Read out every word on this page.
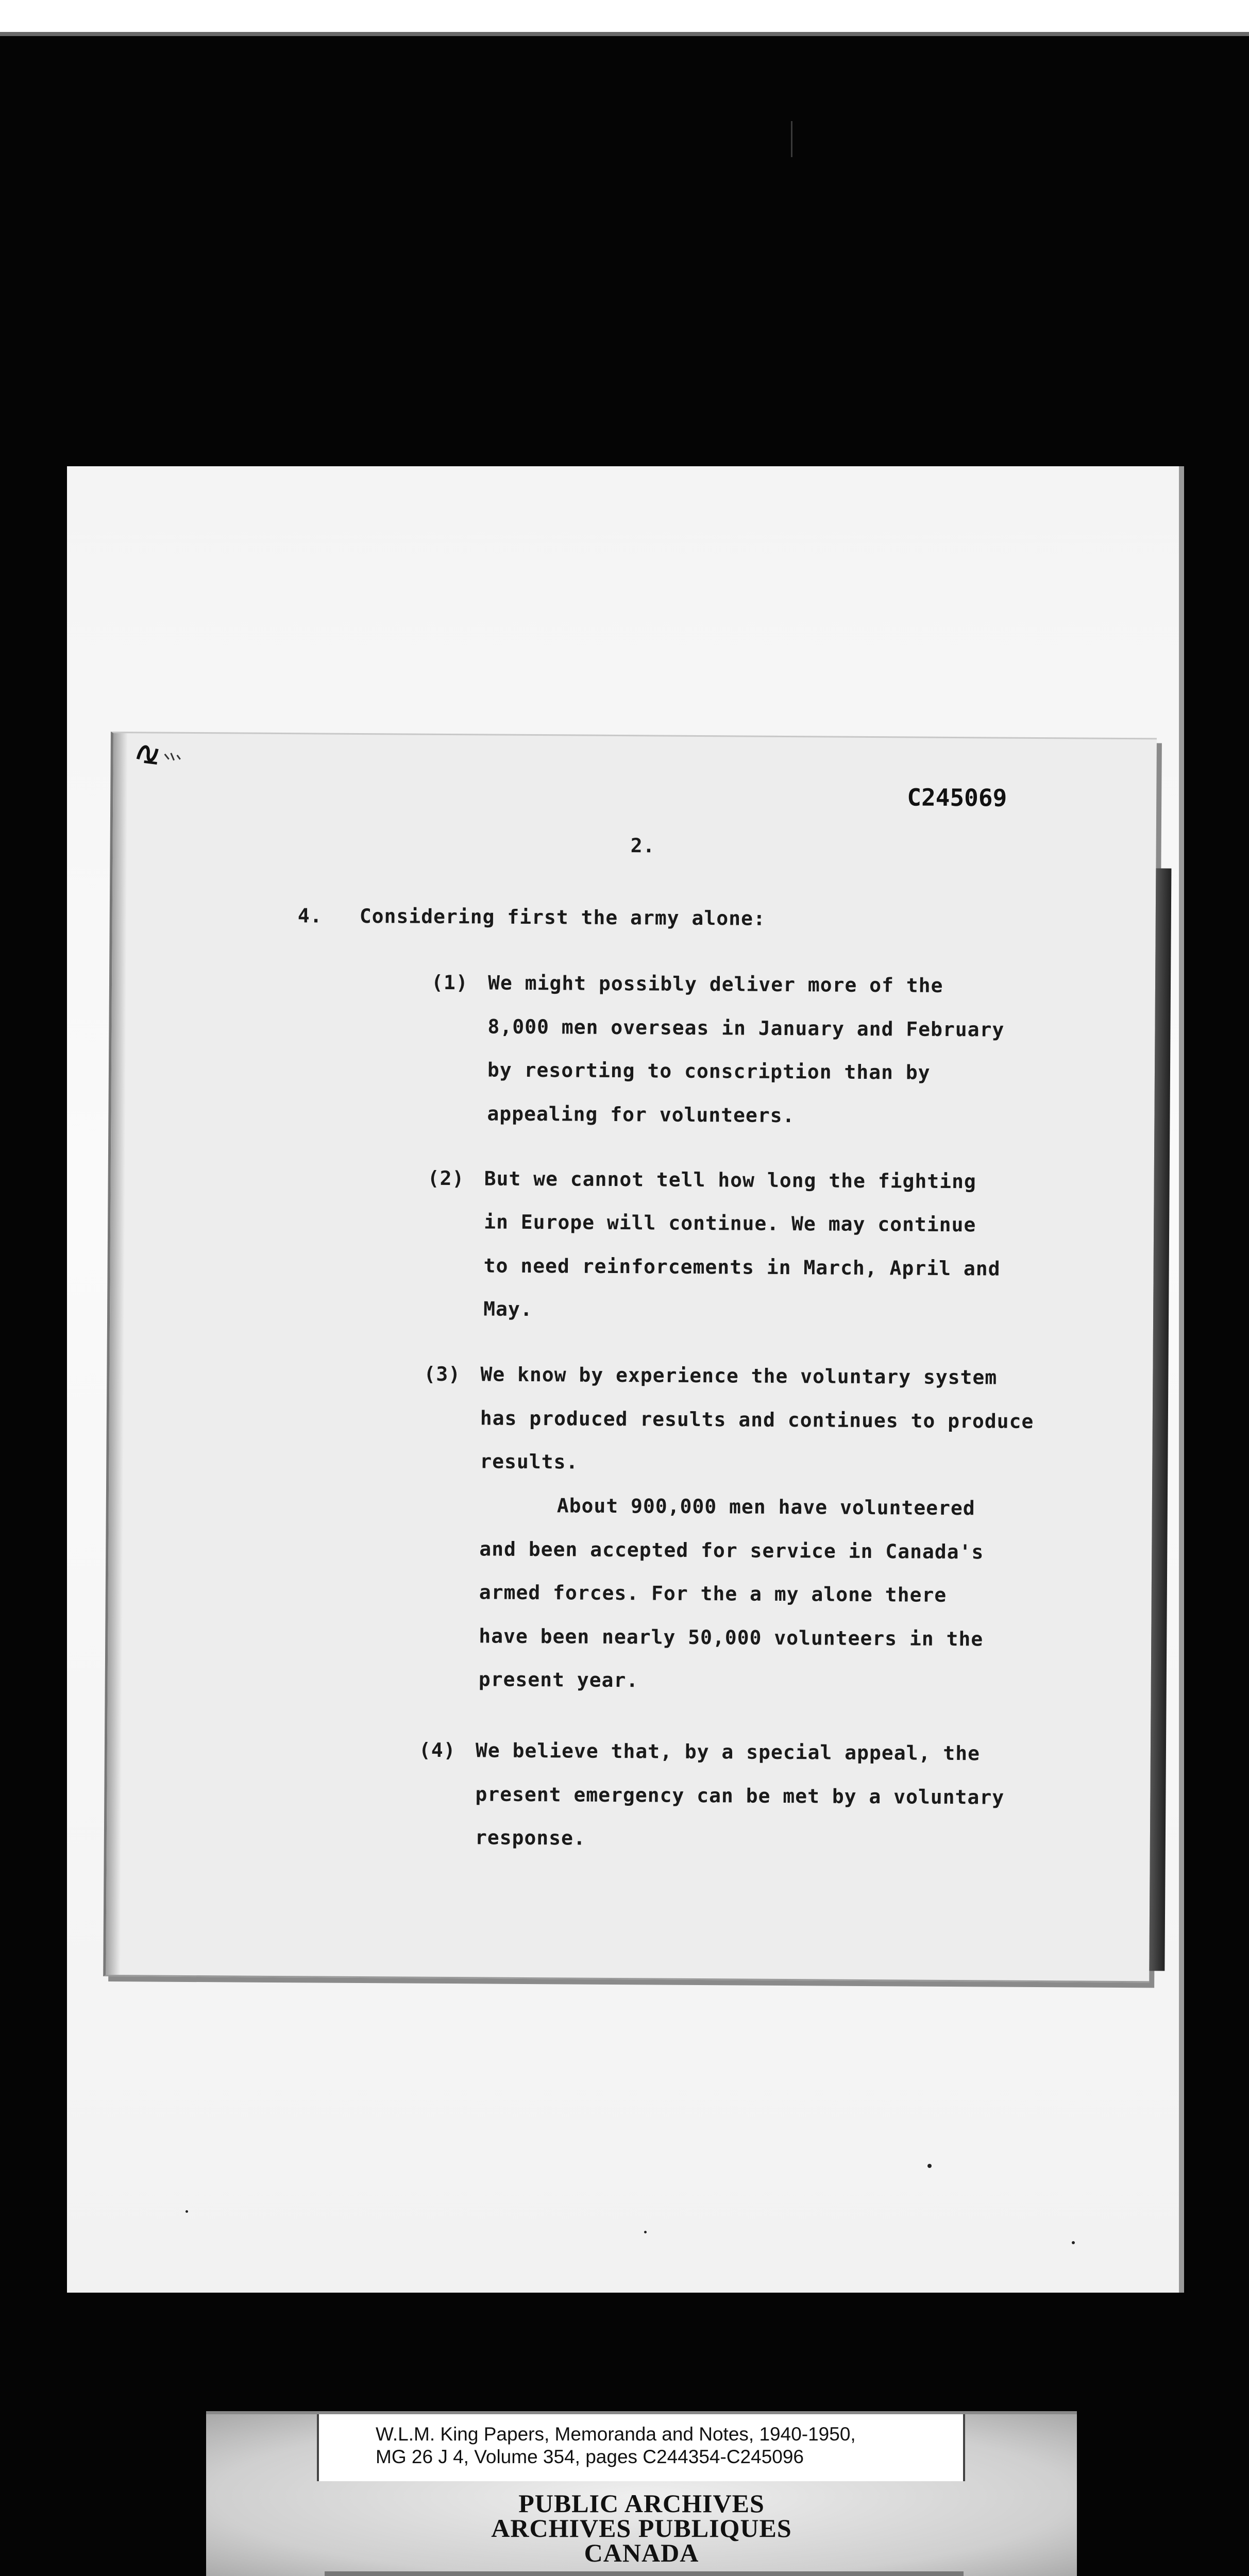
C245069
2.
4. Considering first the army alone:
(1) We might possibly deliver more of the
8,000 men overseas in January and February
by resorting to conscription than by
appealing for volunteers.
(2) But we cannot tell how long the fighting
in Europe will continue. We may continue
to need reinforcements in March, April and
May.
(3) We know by experience the voluntary system
has produced results and continues to produce
results.
About 900,000 men have volunteered
and been accepted for service in Canada's
armed forces. For the a my alone there
have been nearly 50,000 volunteers in the
present year.
(4) We believe that, by a special appeal, the
present emergency can be met by a voluntary
response.
W.L.M. King Papers, Memoranda and Notes, 1940-1950,
MG 26 J 4, Volume 354, pages C244354-C245096
PUBLIC ARCHIVES
ARCHIVES PUBLIQUES
CANADA
